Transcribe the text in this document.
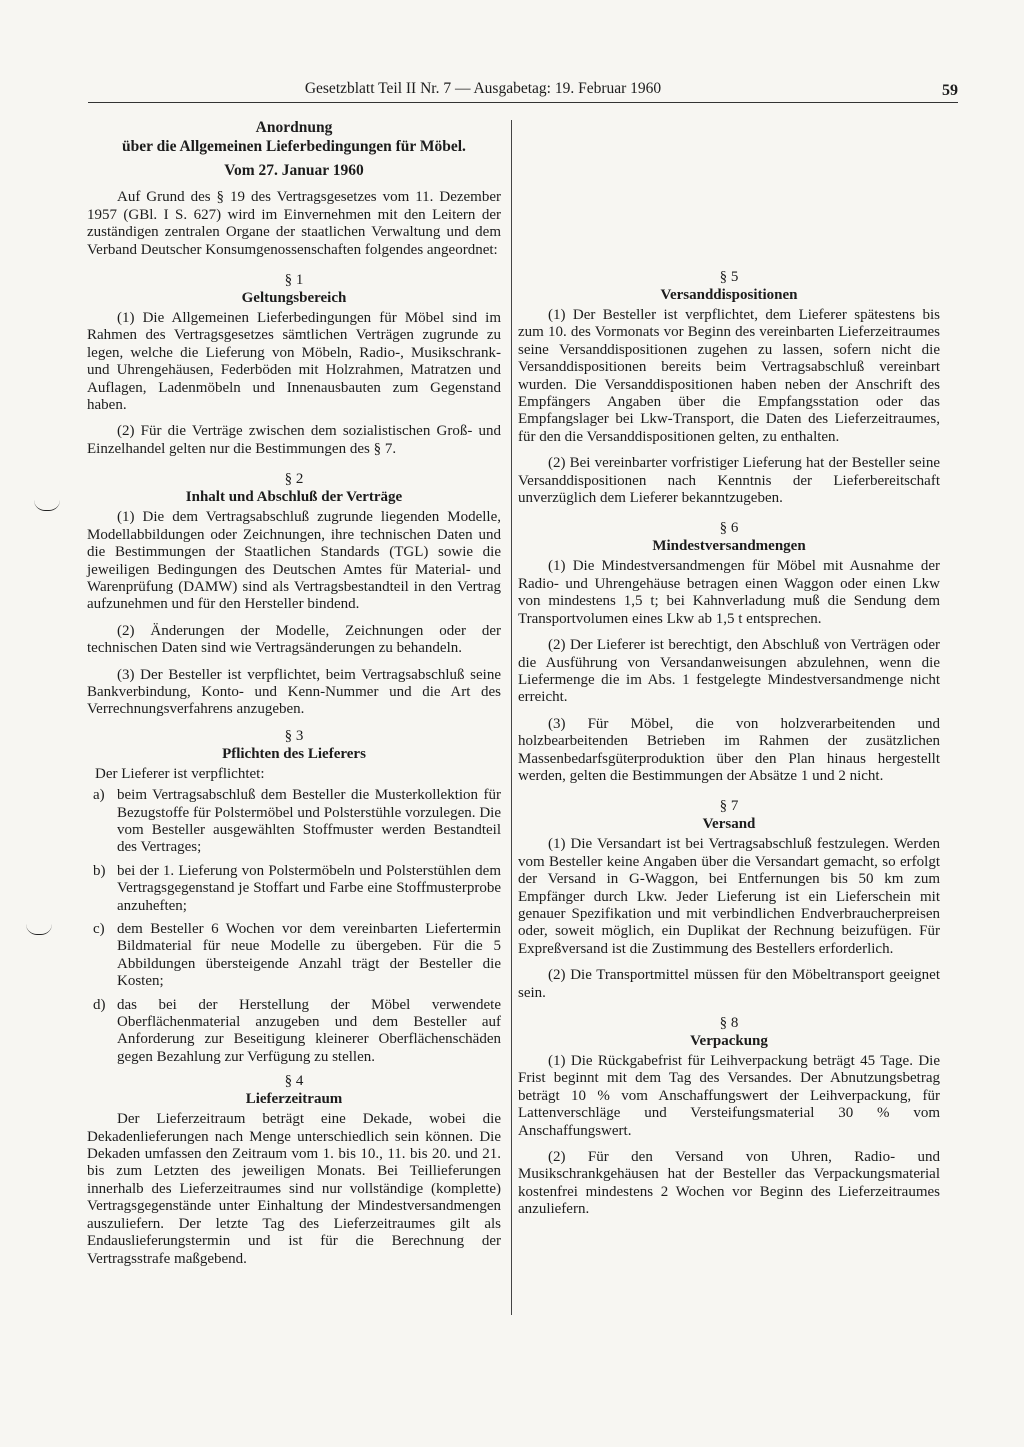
Gesetzblatt Teil II Nr. 7 — Ausgabetag: 19. Februar 1960	59
Anordnung
über die Allgemeinen Lieferbedingungen für Möbel.
Vom 27. Januar 1960

Auf Grund des § 19 des Vertragsgesetzes vom 11. Dezember 1957 (GBl. I S. 627) wird im Einvernehmen mit den Leitern der zuständigen zentralen Organe der staatlichen Verwaltung und dem Verband Deutscher Konsumgenossenschaften folgendes angeordnet:

§ 1
Geltungsbereich

(1) Die Allgemeinen Lieferbedingungen für Möbel sind im Rahmen des Vertragsgesetzes sämtlichen Verträgen zugrunde zu legen, welche die Lieferung von Möbeln, Radio-, Musikschrank- und Uhrengehäusen, Federböden mit Holzrahmen, Matratzen und Auflagen, Ladenmöbeln und Innenausbauten zum Gegenstand haben.

(2) Für die Verträge zwischen dem sozialistischen Groß- und Einzelhandel gelten nur die Bestimmungen des § 7.

§ 2
Inhalt und Abschluß der Verträge

(1) Die dem Vertragsabschluß zugrunde liegenden Modelle, Modellabbildungen oder Zeichnungen, ihre technischen Daten und die Bestimmungen der Staatlichen Standards (TGL) sowie die jeweiligen Bedingungen des Deutschen Amtes für Material- und Warenprüfung (DAMW) sind als Vertragsbestandteil in den Vertrag aufzunehmen und für den Hersteller bindend.

(2) Änderungen der Modelle, Zeichnungen oder der technischen Daten sind wie Vertragsänderungen zu behandeln.

(3) Der Besteller ist verpflichtet, beim Vertragsabschluß seine Bankverbindung, Konto- und Kenn-Nummer und die Art des Verrechnungsverfahrens anzugeben.

§ 3
Pflichten des Lieferers

Der Lieferer ist verpflichtet:

a) beim Vertragsabschluß dem Besteller die Musterkollektion für Bezugstoffe für Polstermöbel und Polsterstühle vorzulegen. Die vom Besteller ausgewählten Stoffmuster werden Bestandteil des Vertrages;
b) bei der 1. Lieferung von Polstermöbeln und Polsterstühlen dem Vertragsgegenstand je Stoffart und Farbe eine Stoffmusterprobe anzuheften;
c) dem Besteller 6 Wochen vor dem vereinbarten Liefertermin Bildmaterial für neue Modelle zu übergeben. Für die 5 Abbildungen übersteigende Anzahl trägt der Besteller die Kosten;
d) das bei der Herstellung der Möbel verwendete Oberflächenmaterial anzugeben und dem Besteller auf Anforderung zur Beseitigung kleinerer Oberflächenschäden gegen Bezahlung zur Verfügung zu stellen.
§ 4
Lieferzeitraum

Der Lieferzeitraum beträgt eine Dekade, wobei die Dekadenlieferungen nach Menge unterschiedlich sein können. Die Dekaden umfassen den Zeitraum vom 1. bis 10., 11. bis 20. und 21. bis zum Letzten des jeweiligen Monats. Bei Teillieferungen innerhalb des Lieferzeitraumes sind nur vollständige (komplette) Vertragsgegenstände unter Einhaltung der Mindestversandmengen auszuliefern. Der letzte Tag des Lieferzeitraumes gilt als Endauslieferungstermin und ist für die Berechnung der Vertragsstrafe maßgebend.

§ 5
Versanddispositionen

(1) Der Besteller ist verpflichtet, dem Lieferer spätestens bis zum 10. des Vormonats vor Beginn des vereinbarten Lieferzeitraumes seine Versanddispositionen zugehen zu lassen, sofern nicht die Versanddispositionen bereits beim Vertragsabschluß vereinbart wurden. Die Versanddispositionen haben neben der Anschrift des Empfängers Angaben über die Empfangsstation oder das Empfangslager bei Lkw-Transport, die Daten des Lieferzeitraumes, für den die Versanddispositionen gelten, zu enthalten.

(2) Bei vereinbarter vorfristiger Lieferung hat der Besteller seine Versanddispositionen nach Kenntnis der Lieferbereitschaft unverzüglich dem Lieferer bekanntzugeben.

§ 6
Mindestversandmengen

(1) Die Mindestversandmengen für Möbel mit Ausnahme der Radio- und Uhrengehäuse betragen einen Waggon oder einen Lkw von mindestens 1,5 t; bei Kahnverladung muß die Sendung dem Transportvolumen eines Lkw ab 1,5 t entsprechen.

(2) Der Lieferer ist berechtigt, den Abschluß von Verträgen oder die Ausführung von Versandanweisungen abzulehnen, wenn die Liefermenge die im Abs. 1 festgelegte Mindestversandmenge nicht erreicht.

(3) Für Möbel, die von holzverarbeitenden und holzbearbeitenden Betrieben im Rahmen der zusätzlichen Massenbedarfsgüterproduktion über den Plan hinaus hergestellt werden, gelten die Bestimmungen der Absätze 1 und 2 nicht.

§ 7
Versand

(1) Die Versandart ist bei Vertragsabschluß festzulegen. Werden vom Besteller keine Angaben über die Versandart gemacht, so erfolgt der Versand in G-Waggon, bei Entfernungen bis 50 km zum Empfänger durch Lkw. Jeder Lieferung ist ein Lieferschein mit genauer Spezifikation und mit verbindlichen Endverbraucherpreisen oder, soweit möglich, ein Duplikat der Rechnung beizufügen. Für Expreßversand ist die Zustimmung des Bestellers erforderlich.

(2) Die Transportmittel müssen für den Möbeltransport geeignet sein.

§ 8
Verpackung

(1) Die Rückgabefrist für Leihverpackung beträgt 45 Tage. Die Frist beginnt mit dem Tag des Versandes. Der Abnutzungsbetrag beträgt 10 % vom Anschaffungswert der Leihverpackung, für Lattenverschläge und Versteifungsmaterial 30 % vom Anschaffungswert.

(2) Für den Versand von Uhren, Radio- und Musikschrankgehäusen hat der Besteller das Verpackungsmaterial kostenfrei mindestens 2 Wochen vor Beginn des Lieferzeitraumes anzuliefern.
